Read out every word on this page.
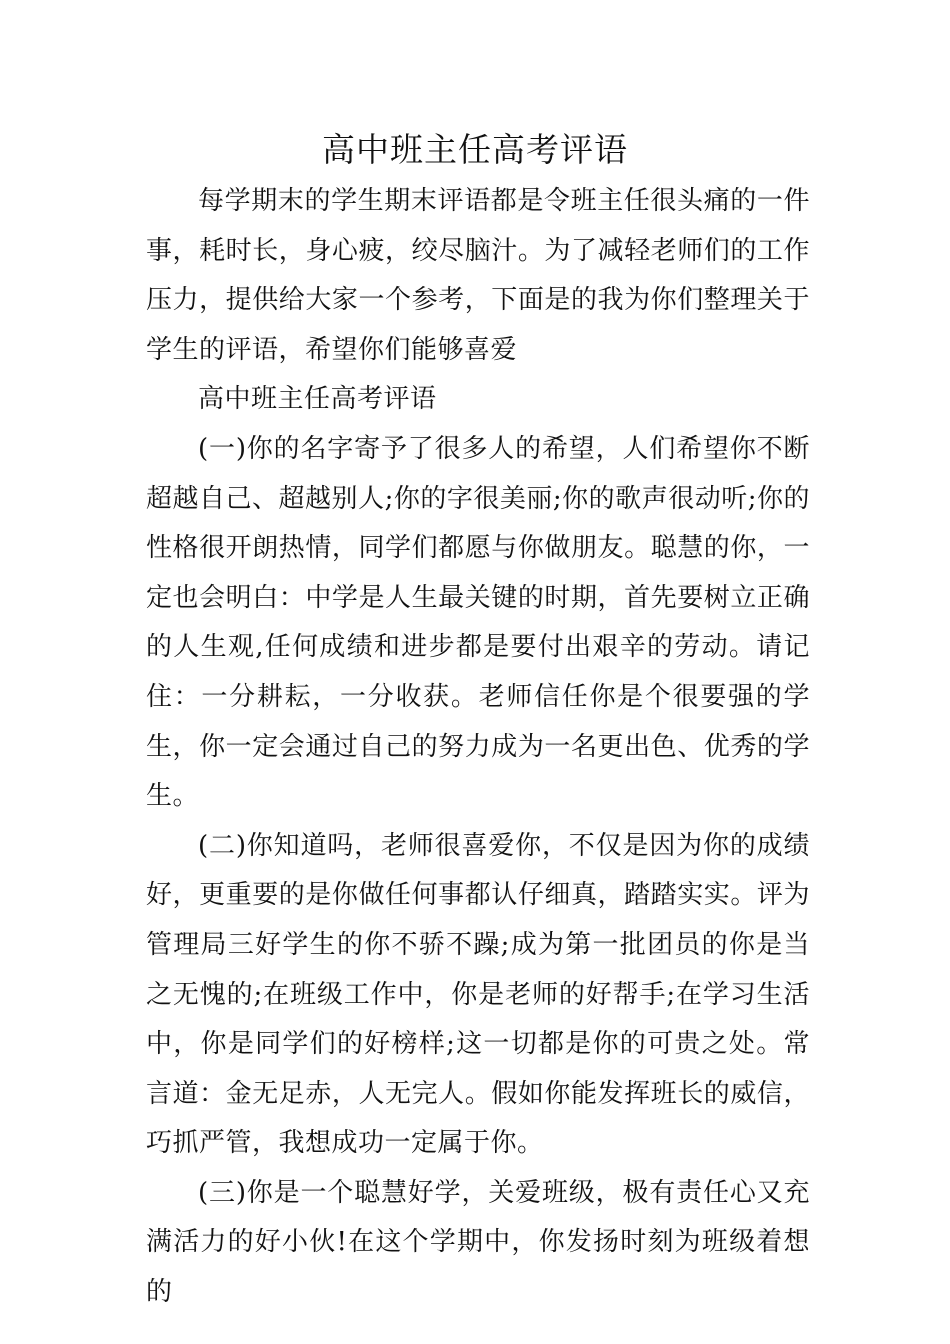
高中班主任高考评语

每学期末的学生期末评语都是令班主任很头痛的一件事，耗时长，身心疲，绞尽脑汁。为了减轻老师们的工作压力，提供给大家一个参考，下面是的我为你们整理关于学生的评语，希望你们能够喜爱

高中班主任高考评语

(一)你的名字寄予了很多人的希望，人们希望你不断超越自己、超越别人;你的字很美丽;你的歌声很动听;你的性格很开朗热情，同学们都愿与你做朋友。聪慧的你，一定也会明白：中学是人生最关键的时期，首先要树立正确的人生观,任何成绩和进步都是要付出艰辛的劳动。请记住：一分耕耘，一分收获。老师信任你是个很要强的学生，你一定会通过自己的努力成为一名更出色、优秀的学生。

(二)你知道吗，老师很喜爱你，不仅是因为你的成绩好，更重要的是你做任何事都认仔细真，踏踏实实。评为管理局三好学生的你不骄不躁;成为第一批团员的你是当之无愧的;在班级工作中，你是老师的好帮手;在学习生活中，你是同学们的好榜样;这一切都是你的可贵之处。常言道：金无足赤，人无完人。假如你能发挥班长的威信，巧抓严管，我想成功一定属于你。

(三)你是一个聪慧好学，关爱班级，极有责任心又充满活力的好小伙!在这个学期中，你发扬时刻为班级着想的
